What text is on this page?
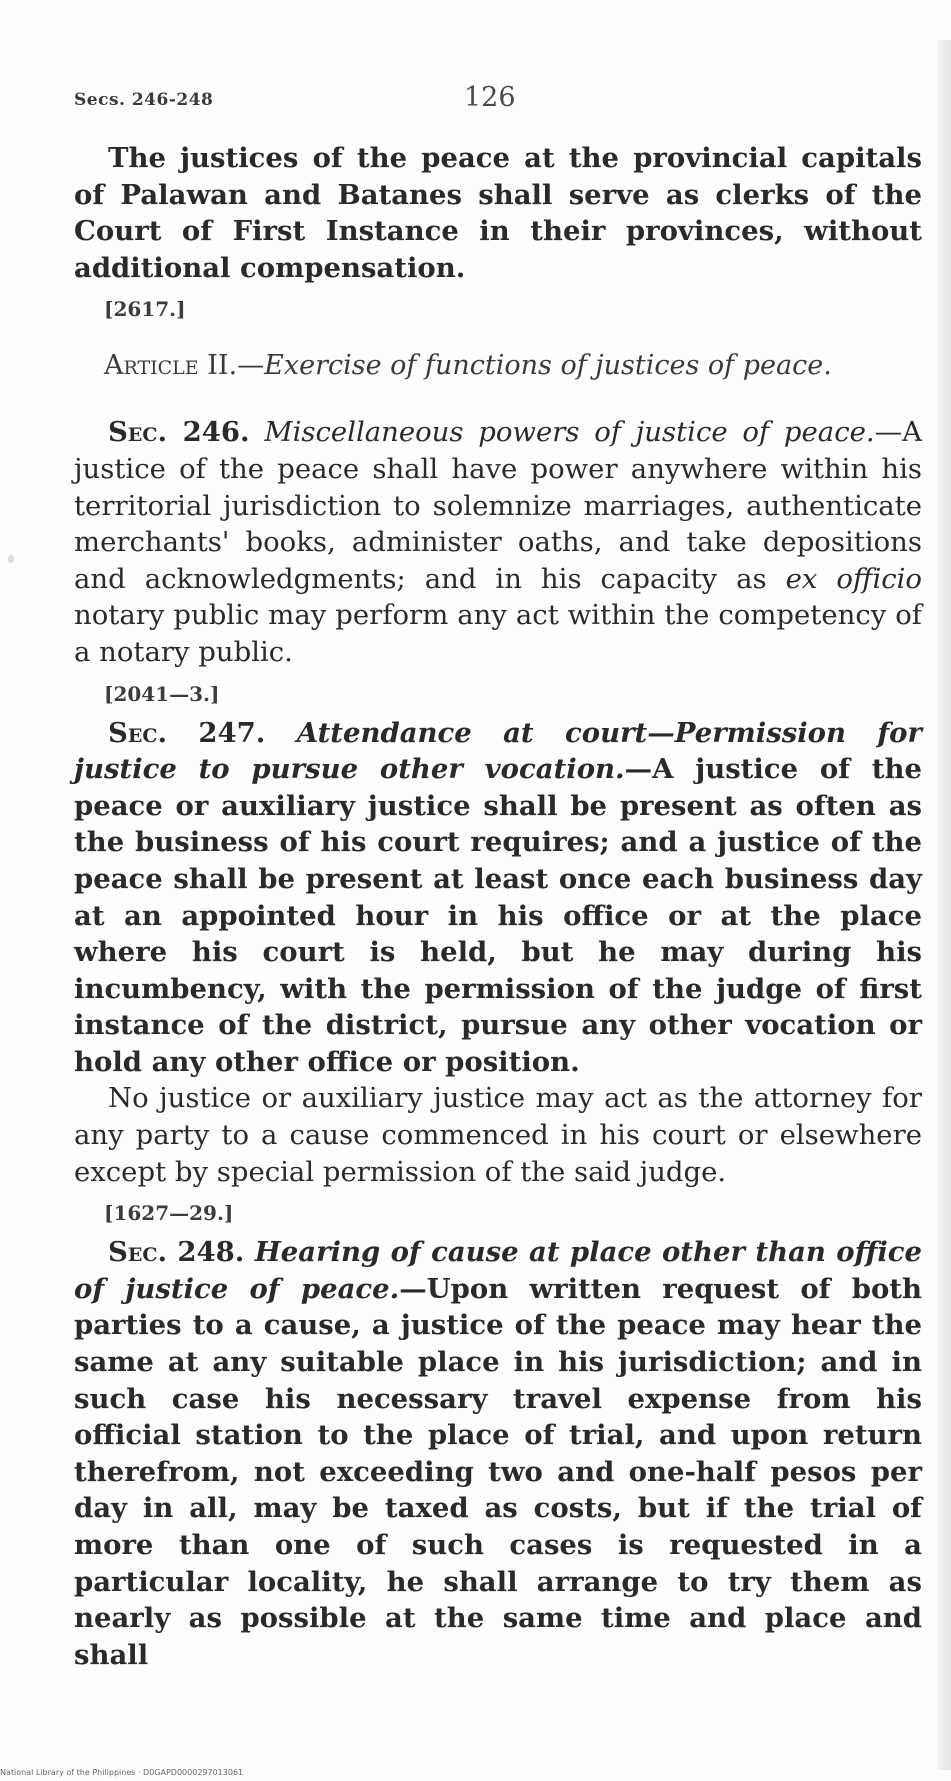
Secs. 246-248	126

The justices of the peace at the provincial capitals of Palawan and Batanes shall serve as clerks of the Court of First Instance in their provinces, without additional compensation.

[2617.]
Article II.—Exercise of functions of justices of peace.

Sec. 246. Miscellaneous powers of justice of peace.—A justice of the peace shall have power anywhere within his territorial jurisdiction to solemnize marriages, authenticate merchants' books, administer oaths, and take depositions and acknowledgments; and in his capacity as ex officio notary public may perform any act within the competency of a notary public.

[2041—3.]

Sec. 247. Attendance at court—Permission for justice to pursue other vocation.—A justice of the peace or auxiliary justice shall be present as often as the business of his court requires; and a justice of the peace shall be present at least once each business day at an appointed hour in his office or at the place where his court is held, but he may during his incumbency, with the permission of the judge of first instance of the district, pursue any other vocation or hold any other office or position.

No justice or auxiliary justice may act as the attorney for any party to a cause commenced in his court or elsewhere except by special permission of the said judge.

[1627—29.]

Sec. 248. Hearing of cause at place other than office of justice of peace.—Upon written request of both parties to a cause, a justice of the peace may hear the same at any suitable place in his jurisdiction; and in such case his necessary travel expense from his official station to the place of trial, and upon return therefrom, not exceeding two and one-half pesos per day in all, may be taxed as costs, but if the trial of more than one of such cases is requested in a particular locality, he shall arrange to try them as nearly as possible at the same time and place and shall

National Library of the Philippines · D0GAPD0000297013061
